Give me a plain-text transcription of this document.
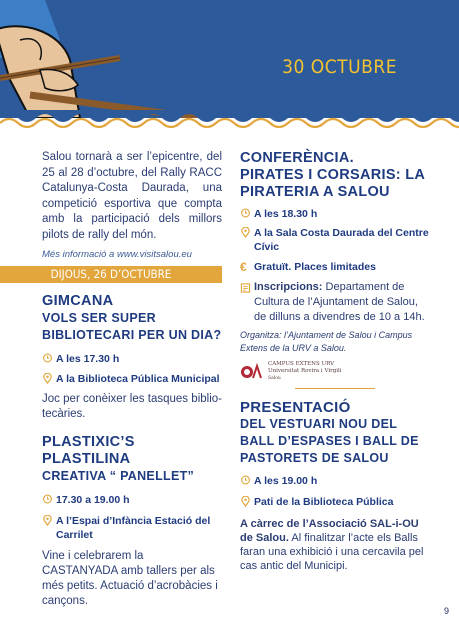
30 OCTUBRE

Salou tornarà a ser l’epicentre, del 25 al 28 d’octubre, del Rally RACC Catalunya-Costa Daurada, una competició esportiva que compta amb la participació dels millors pilots de rally del món.

Més informació a www.visitsalou.eu

DIJOUS, 26 D’OCTUBRE
GIMCANA
VOLS SER SUPER BIBLIOTECARI PER UN DIA?
A les 17.30 h
A la Biblioteca Pública Municipal

Joc per conèixer les tasques bibliotecàries.

PLASTIXIC’S PLASTILINA
CREATIVA “ PANELLET”
17.30 a 19.00 h
A l’Espai d’Infància Estació del Carrilet

Vine i celebrarem la CASTANYADA amb tallers per als més petits. Actuació d’acrobàcies i cançons.

CONFERÈNCIA.
PIRATES I CORSARIS: LA PIRATERIA A SALOU
A les 18.30 h
A la Sala Costa Daurada del Centre Cívic
€ Gratuït. Places limitades

Inscripcions: Departament de Cultura de l’Ajuntament de Salou, de dilluns a divendres de 10 a 14h.

Organitza: l’Ajuntament de Salou i Campus Extens de la URV a Salou.

CAMPUS EXTENS URV
Universitat Rovira i Virgili
Salou
PRESENTACIÓ
DEL VESTUARI NOU DEL BALL D’ESPASES I BALL DE PASTORETS DE SALOU
A les 19.00 h
Pati de la Biblioteca Pública

A càrrec de l’Associació SAL-i-OU de Salou. Al finalitzar l’acte els Balls faran una exhibició i una cercavila pel cas antic del Municipi.

9
